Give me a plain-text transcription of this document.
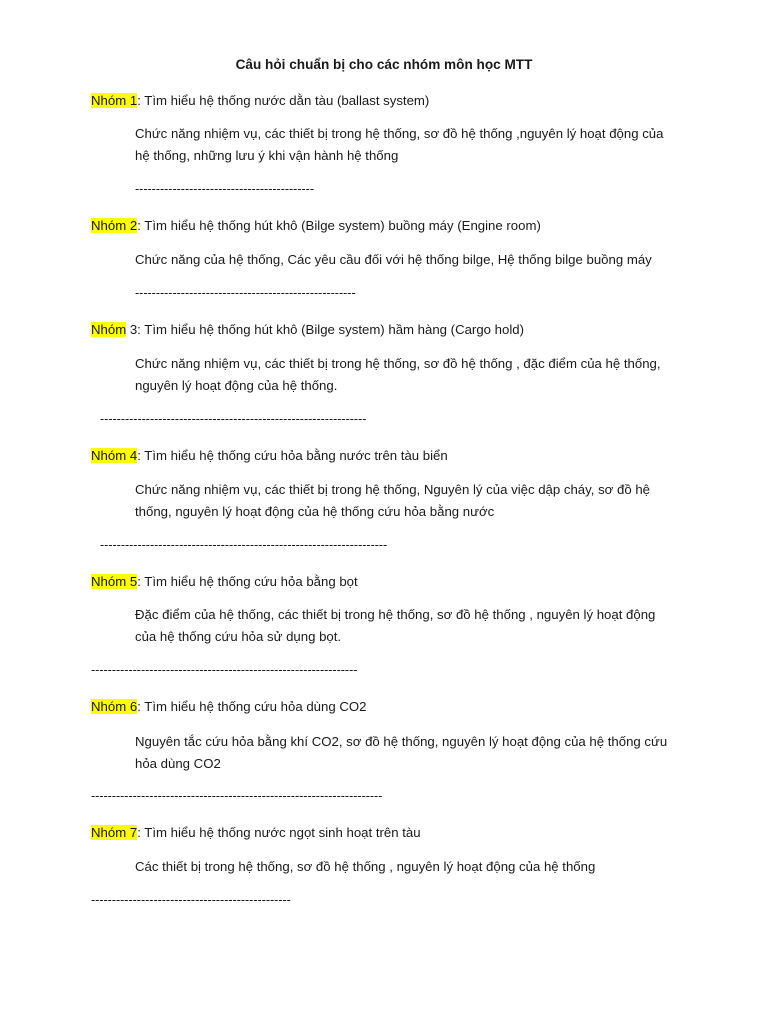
Câu hỏi chuẩn bị cho các nhóm môn học MTT
Nhóm 1: Tìm hiểu hệ thống nước dằn tàu (ballast system)
Chức năng nhiệm vụ, các thiết bị trong hệ thống, sơ đồ hệ thống ,nguyên lý hoạt động của hệ thống, những lưu ý khi vận hành hệ thống
-------------------------------------------
Nhóm 2: Tìm hiểu hệ thống hút khô (Bilge system) buồng máy (Engine room)
Chức năng của hệ thống, Các yêu cầu đối với hệ thống bilge, Hệ thống bilge buồng máy
-----------------------------------------------------
Nhóm 3: Tìm hiểu hệ thống hút khô (Bilge system) hầm hàng (Cargo hold)
Chức năng nhiệm vụ, các thiết bị trong hệ thống, sơ đồ hệ thống , đặc điểm của hệ thống, nguyên lý hoạt động của hệ thống.
----------------------------------------------------------------
Nhóm 4: Tìm hiểu hệ thống cứu hỏa bằng nước trên tàu biển
Chức năng nhiệm vụ, các thiết bị trong hệ thống, Nguyên lý của việc dập cháy, sơ đồ hệ thống, nguyên lý hoạt động của hệ thống cứu hỏa bằng nước
---------------------------------------------------------------------
Nhóm 5: Tìm hiểu hệ thống cứu hỏa bằng bọt
Đặc điểm của hệ thống, các thiết bị trong hệ thống, sơ đồ hệ thống , nguyên lý hoạt động của hệ thống cứu hỏa sử dụng bọt.
----------------------------------------------------------------
Nhóm 6: Tìm hiểu hệ thống cứu hỏa dùng CO2
Nguyên tắc cứu hỏa bằng khí CO2, sơ đồ hệ thống, nguyên lý hoạt động của hệ thống cứu hỏa dùng CO2
----------------------------------------------------------------------
Nhóm 7: Tìm hiểu hệ thống nước ngọt sinh hoạt trên tàu
Các thiết bị trong hệ thống, sơ đồ hệ thống , nguyên lý hoạt động của hệ thống
------------------------------------------------
